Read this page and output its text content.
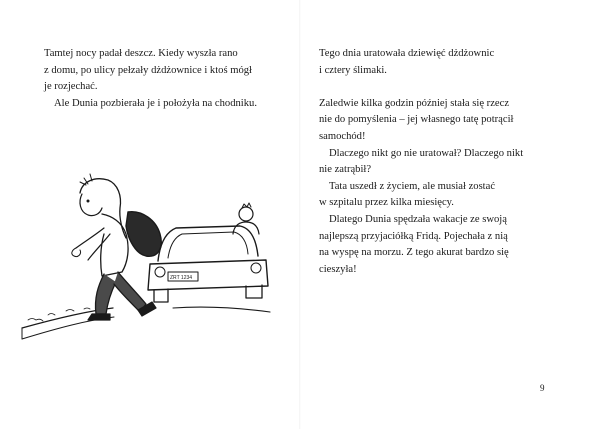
Tamtej nocy padał deszcz. Kiedy wyszła rano
z domu, po ulicy pełzały dżdżownice i ktoś mógł
je rozjechać.
Ale Dunia pozbierała je i położyła na chodniku.
ZRT 1234
Tego dnia uratowała dziewięć dżdżownic
i cztery ślimaki.
Zaledwie kilka godzin później stała się rzecz
nie do pomyślenia – jej własnego tatę potrącił
samochód!
Dlaczego nikt go nie uratował? Dlaczego nikt
nie zatrąbił?
Tata uszedł z życiem, ale musiał zostać
w szpitalu przez kilka miesięcy.
Dlatego Dunia spędzała wakacje ze swoją
najlepszą przyjaciółką Fridą. Pojechała z nią
na wyspę na morzu. Z tego akurat bardzo się
cieszyła!
9
